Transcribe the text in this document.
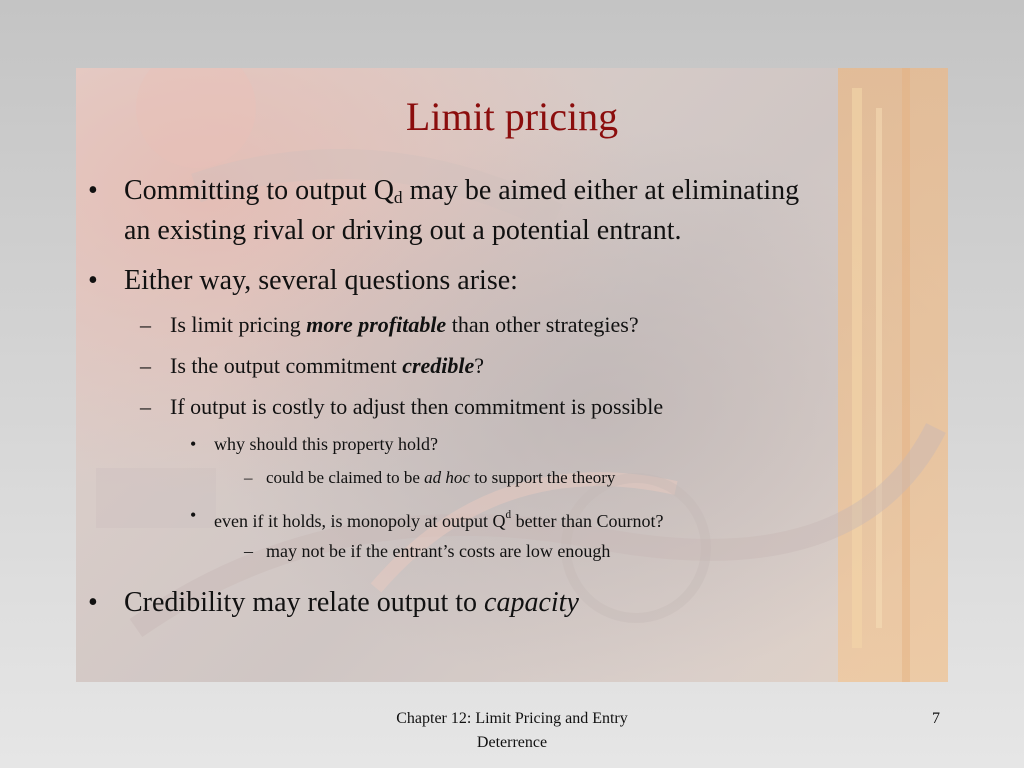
Limit pricing
• Committing to output $Q_d$ may be aimed either at eliminating
an existing rival or driving out a potential entrant.
• Either way, several questions arise:
– Is limit pricing more profitable than other strategies?
– Is the output commitment credible?
– If output is costly to adjust then commitment is possible
• why should this property hold?
– could be claimed to be ad hoc to support the theory
• even if it holds, is monopoly at output $Q^d$ better than Cournot?
– may not be if the entrant’s costs are low enough
• Credibility may relate output to capacity
Chapter 12: Limit Pricing and Entry
Deterrence
7
